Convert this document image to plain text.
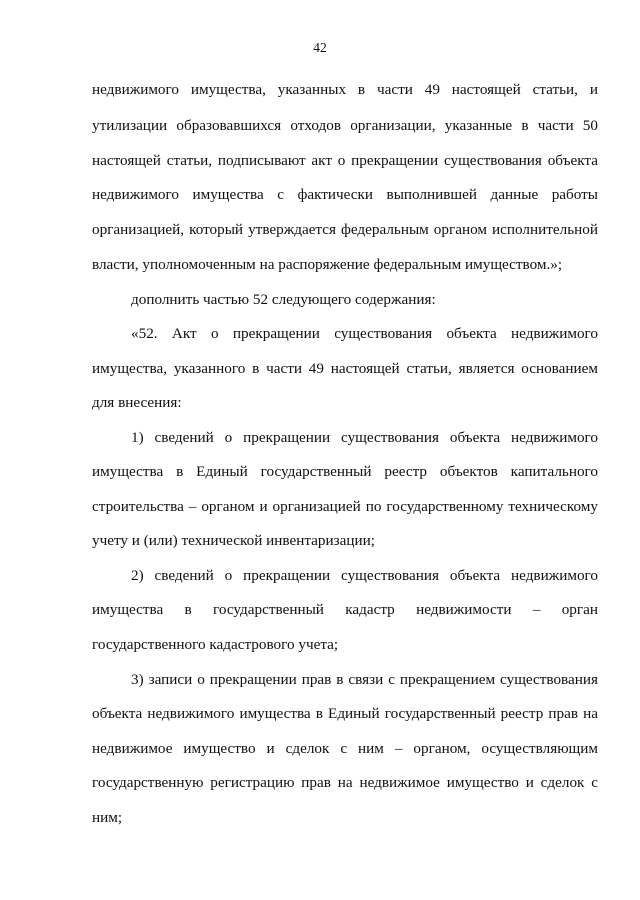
42
недвижимого имущества, указанных в части 49 настоящей статьи, и
утилизации образовавшихся отходов организации, указанные в части 50
настоящей статьи, подписывают акт о прекращении существования объекта
недвижимого имущества с фактически выполнившей данные работы
организацией, который утверждается федеральным органом исполнительной
власти, уполномоченным на распоряжение федеральным имуществом.»;
дополнить частью 52 следующего содержания:
«52. Акт о прекращении существования объекта недвижимого
имущества, указанного в части 49 настоящей статьи, является основанием
для внесения:
1) сведений о прекращении существования объекта недвижимого
имущества в Единый государственный реестр объектов капитального
строительства – органом и организацией по государственному техническому
учету и (или) технической инвентаризации;
2) сведений о прекращении существования объекта недвижимого
имущества в государственный кадастр недвижимости – орган
государственного кадастрового учета;
3) записи о прекращении прав в связи с прекращением существования
объекта недвижимого имущества в Единый государственный реестр прав на
недвижимое имущество и сделок с ним – органом, осуществляющим
государственную регистрацию прав на недвижимое имущество и сделок с
ним;
